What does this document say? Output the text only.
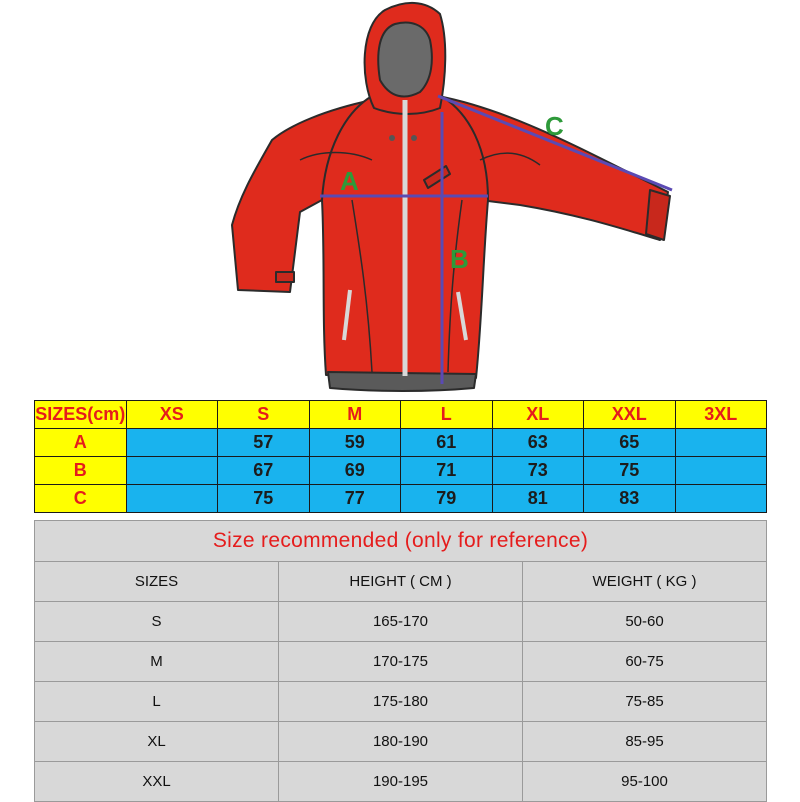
A
B
C
SIZES(cm)	XS	S	M	L	XL	XXL	3XL
A		57	59	61	63	65	
B		67	69	71	73	75	
C		75	77	79	81	83	
Size recommended (only for reference)		
SIZES	HEIGHT ( CM )	WEIGHT ( KG )
S	165-170	50-60
M	170-175	60-75
L	175-180	75-85
XL	180-190	85-95
XXL	190-195	95-100
